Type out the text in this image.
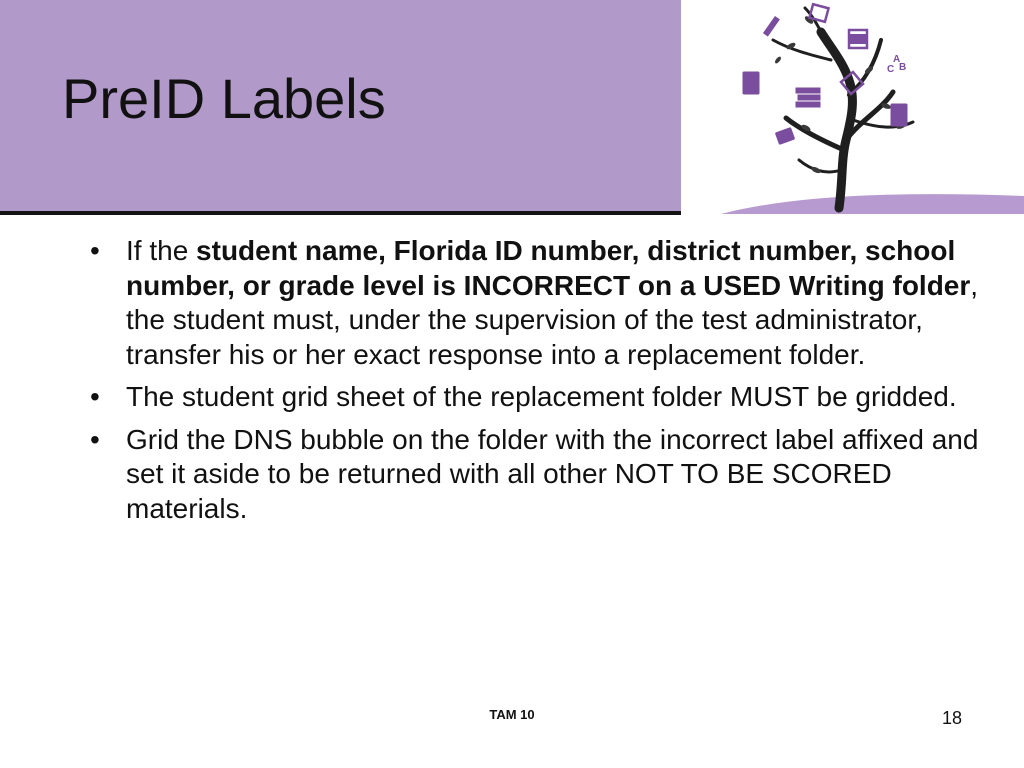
PreID Labels
A
C B
• If the student name, Florida ID number, district number, school number, or grade level is INCORRECT on a USED Writing folder, the student must, under the supervision of the test administrator, transfer his or her exact response into a replacement folder.
• The student grid sheet of the replacement folder MUST be gridded.
• Grid the DNS bubble on the folder with the incorrect label affixed and set it aside to be returned with all other NOT TO BE SCORED materials.
TAM 10	18
